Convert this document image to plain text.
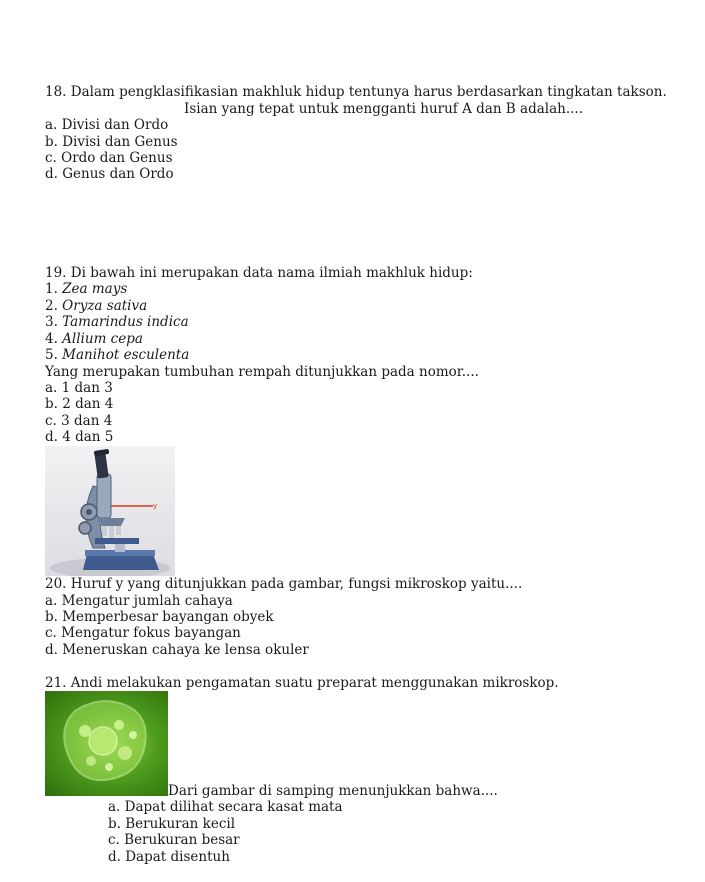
18. Dalam pengklasifikasian makhluk hidup tentunya harus berdasarkan tingkatan takson.
Isian yang tepat untuk mengganti huruf A dan B adalah....
a. Divisi dan Ordo
b. Divisi dan Genus
c. Ordo dan Genus
d. Genus dan Ordo
19. Di bawah ini merupakan data nama ilmiah makhluk hidup:
1. Zea mays
2. Oryza sativa
3. Tamarindus indica
4. Allium cepa
5. Manihot esculenta
Yang merupakan tumbuhan rempah ditunjukkan pada nomor....
a. 1 dan 3
b. 2 dan 4
c. 3 dan 4
d. 4 dan 5
y
20. Huruf y yang ditunjukkan pada gambar, fungsi mikroskop yaitu....
a. Mengatur jumlah cahaya
b. Memperbesar bayangan obyek
c. Mengatur fokus bayangan
d. Meneruskan cahaya ke lensa okuler
21. Andi melakukan pengamatan suatu preparat menggunakan mikroskop.
Dari gambar di samping menunjukkan bahwa....
a. Dapat dilihat secara kasat mata
b. Berukuran kecil
c. Berukuran besar
d. Dapat disentuh
